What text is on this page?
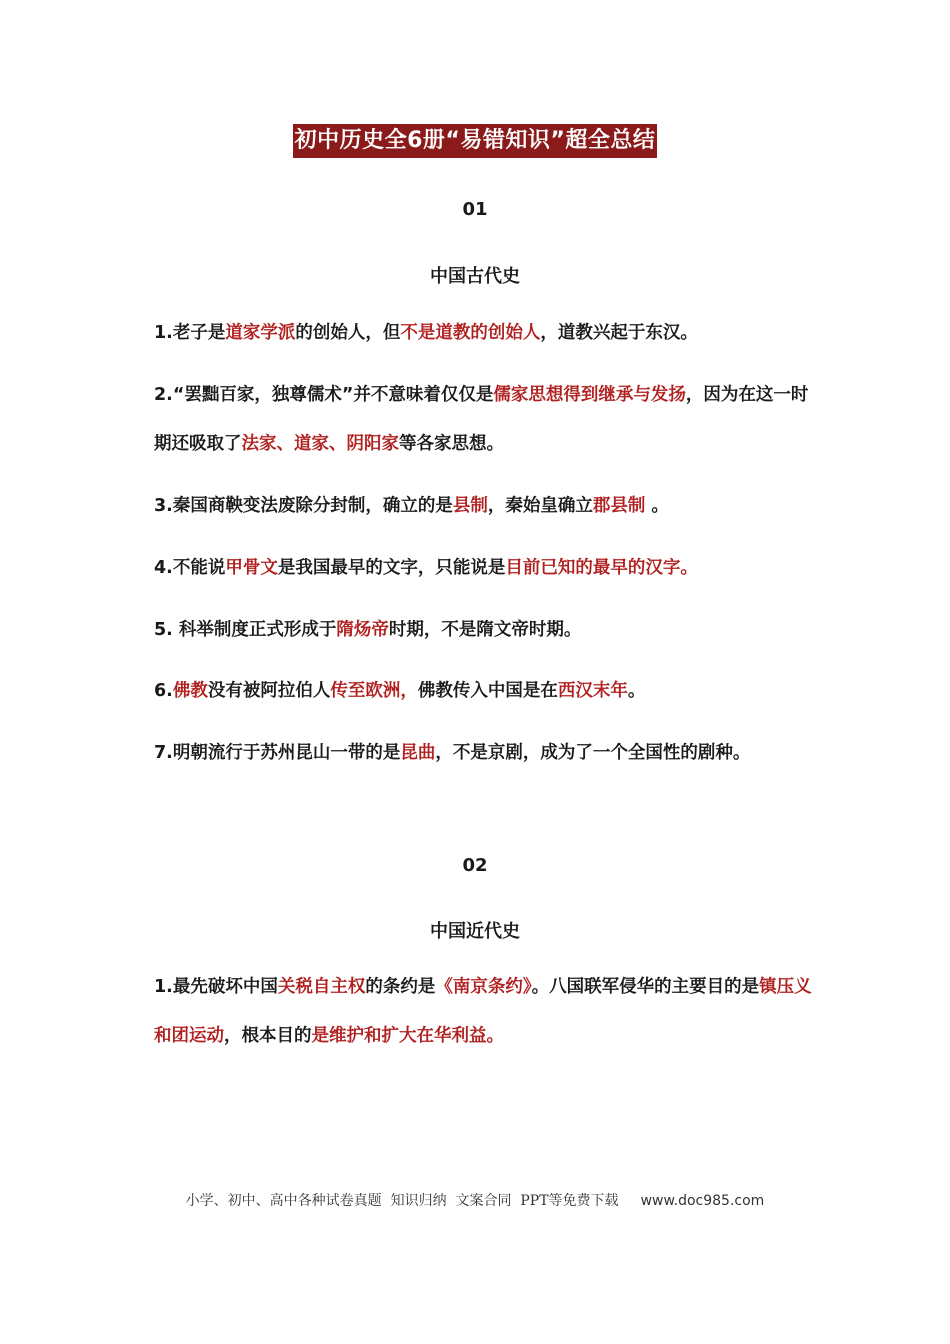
初中历史全6册“易错知识”超全总结
01
中国古代史
1.老子是道家学派的创始人，但不是道教的创始人，道教兴起于东汉。
2.“罢黜百家，独尊儒术”并不意味着仅仅是儒家思想得到继承与发扬，因为在这一时期还吸取了法家、道家、阴阳家等各家思想。
3.秦国商鞅变法废除分封制，确立的是县制，秦始皇确立郡县制 。
4.不能说甲骨文是我国最早的文字，只能说是目前已知的最早的汉字。
5. 科举制度正式形成于隋炀帝时期，不是隋文帝时期。
6.佛教没有被阿拉伯人传至欧洲，佛教传入中国是在西汉末年。
7.明朝流行于苏州昆山一带的是昆曲，不是京剧，成为了一个全国性的剧种。
02
中国近代史
1.最先破坏中国关税自主权的条约是《南京条约》。八国联军侵华的主要目的是镇压义和团运动，根本目的是维护和扩大在华利益。
小学、初中、高中各种试卷真题  知识归纳  文案合同  PPT等免费下载 www.doc985.com
